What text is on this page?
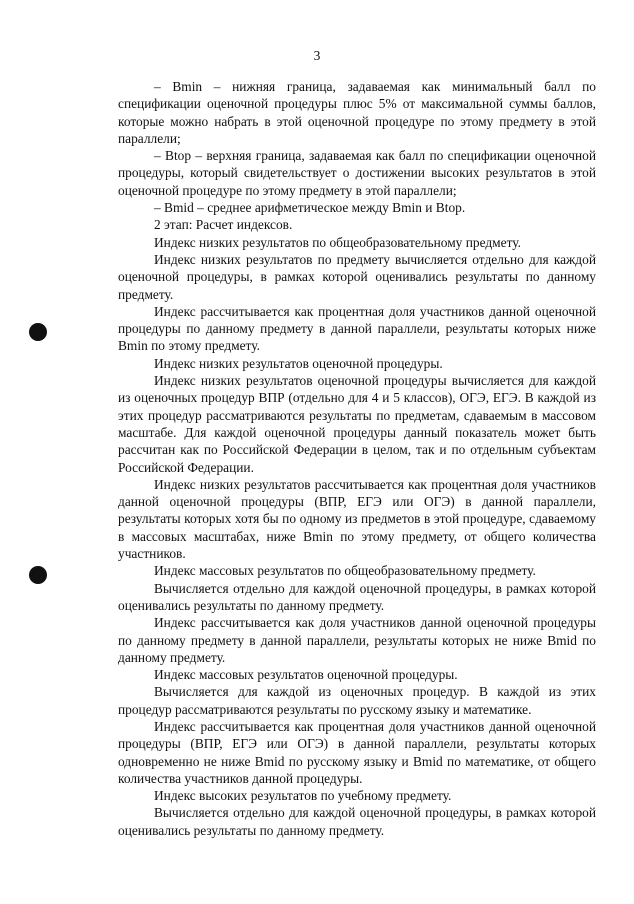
3

– Bmin – нижняя граница, задаваемая как минимальный балл по спецификации оценочной процедуры плюс 5% от максимальной суммы баллов, которые можно набрать в этой оценочной процедуре по этому предмету в этой параллели;

– Btop – верхняя граница, задаваемая как балл по спецификации оценочной процедуры, который свидетельствует о достижении высоких результатов в этой оценочной процедуре по этому предмету в этой параллели;

– Bmid – среднее арифметическое между Bmin и Btop.

2 этап: Расчет индексов.

Индекс низких результатов по общеобразовательному предмету.

Индекс низких результатов по предмету вычисляется отдельно для каждой оценочной процедуры, в рамках которой оценивались результаты по данному предмету.

Индекс рассчитывается как процентная доля участников данной оценочной процедуры по данному предмету в данной параллели, результаты которых ниже Bmin по этому предмету.

Индекс низких результатов оценочной процедуры.

Индекс низких результатов оценочной процедуры вычисляется для каждой из оценочных процедур ВПР (отдельно для 4 и 5 классов), ОГЭ, ЕГЭ. В каждой из этих процедур рассматриваются результаты по предметам, сдаваемым в массовом масштабе. Для каждой оценочной процедуры данный показатель может быть рассчитан как по Российской Федерации в целом, так и по отдельным субъектам Российской Федерации.

Индекс низких результатов рассчитывается как процентная доля участников данной оценочной процедуры (ВПР, ЕГЭ или ОГЭ) в данной параллели, результаты которых хотя бы по одному из предметов в этой процедуре, сдаваемому в массовых масштабах, ниже Bmin по этому предмету, от общего количества участников.

Индекс массовых результатов по общеобразовательному предмету.

Вычисляется отдельно для каждой оценочной процедуры, в рамках которой оценивались результаты по данному предмету.

Индекс рассчитывается как доля участников данной оценочной процедуры по данному предмету в данной параллели, результаты которых не ниже Bmid по данному предмету.

Индекс массовых результатов оценочной процедуры.

Вычисляется для каждой из оценочных процедур. В каждой из этих процедур рассматриваются результаты по русскому языку и математике.

Индекс рассчитывается как процентная доля участников данной оценочной процедуры (ВПР, ЕГЭ или ОГЭ) в данной параллели, результаты которых одновременно не ниже Bmid по русскому языку и Bmid по математике, от общего количества участников данной процедуры.

Индекс высоких результатов по учебному предмету.

Вычисляется отдельно для каждой оценочной процедуры, в рамках которой оценивались результаты по данному предмету.
